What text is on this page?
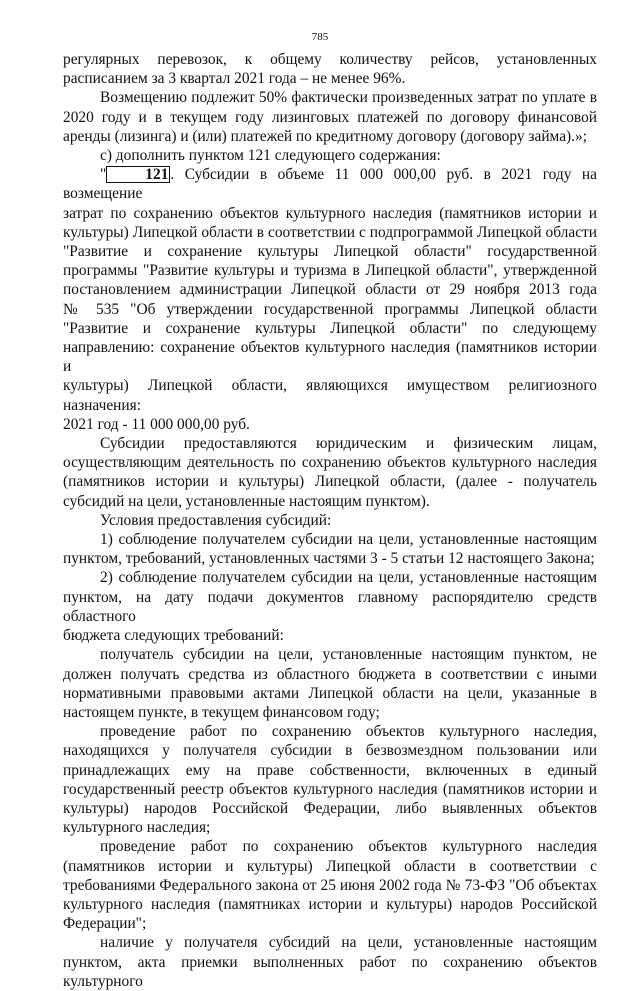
785

регулярных перевозок, к общему количеству рейсов, установленных

расписанием за 3 квартал 2021 года – не менее 96%.

Возмещению подлежит 50% фактически произведенных затрат по уплате в

2020 году и в текущем году лизинговых платежей по договору финансовой

аренды (лизинга) и (или) платежей по кредитному договору (договору займа).»;

с) дополнить пунктом 121 следующего содержания:

"	121 . Субсидии в объеме 11 000 000,00 руб. в 2021 году на возмещение

затрат по сохранению объектов культурного наследия (памятников истории и

культуры) Липецкой области в соответствии с подпрограммой Липецкой области

"Развитие и сохранение культуры Липецкой области" государственной

программы "Развитие культуры и туризма в Липецкой области", утвержденной

постановлением администрации Липецкой области от 29 ноября 2013 года

№ 535 "Об утверждении государственной программы Липецкой области

"Развитие и сохранение культуры Липецкой области" по следующему

направлению: сохранение объектов культурного наследия (памятников истории и

культуры) Липецкой области, являющихся имуществом религиозного назначения:

2021 год - 11 000 000,00 руб.

Субсидии предоставляются юридическим и физическим лицам,

осуществляющим деятельность по сохранению объектов культурного наследия

(памятников истории и культуры) Липецкой области, (далее - получатель

субсидий на цели, установленные настоящим пунктом).

Условия предоставления субсидий:

1) соблюдение получателем субсидии на цели, установленные настоящим

пунктом, требований, установленных частями 3 - 5 статьи 12 настоящего Закона;

2) соблюдение получателем субсидии на цели, установленные настоящим

пунктом, на дату подачи документов главному распорядителю средств областного

бюджета следующих требований:

получатель субсидии на цели, установленные настоящим пунктом, не

должен получать средства из областного бюджета в соответствии с иными

нормативными правовыми актами Липецкой области на цели, указанные в

настоящем пункте, в текущем финансовом году;

проведение работ по сохранению объектов культурного наследия,

находящихся у получателя субсидии в безвозмездном пользовании или

принадлежащих ему на праве собственности, включенных в единый

государственный реестр объектов культурного наследия (памятников истории и

культуры) народов Российской Федерации, либо выявленных объектов

культурного наследия;

проведение работ по сохранению объектов культурного наследия

(памятников истории и культуры) Липецкой области в соответствии с

требованиями Федерального закона от 25 июня 2002 года № 73-ФЗ "Об объектах

культурного наследия (памятниках истории и культуры) народов Российской

Федерации";

наличие у получателя субсидий на цели, установленные настоящим

пунктом, акта приемки выполненных работ по сохранению объектов культурного
